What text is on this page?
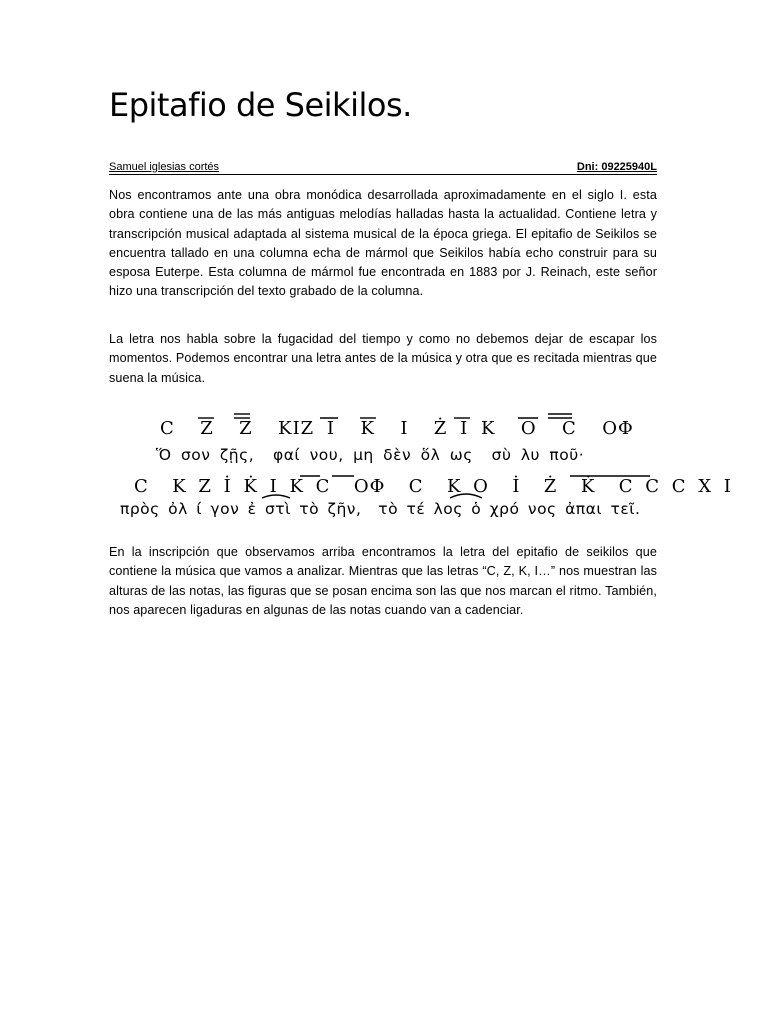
Epitafio de Seikilos.
Samuel iglesias cortés	Dni: 09225940L

Nos encontramos ante una obra monódica desarrollada aproximadamente en el siglo I. esta obra contiene una de las más antiguas melodías halladas hasta la actualidad. Contiene letra y transcripción musical adaptada al sistema musical de la época griega. El epitafio de Seikilos se encuentra tallado en una columna echa de mármol que Seikilos había echo construir para su esposa Euterpe. Esta columna de mármol fue encontrada en 1883 por J. Reinach, este señor hizo una transcripción del texto grabado de la columna.

La letra nos habla sobre la fugacidad del tiempo y como no debemos dejar de escapar los momentos. Podemos encontrar una letra antes de la música y otra que es recitada mientras que suena la música.

C  Z  Z  KIZ I  K  I  Ż I K  O  C  OΦ
Ὅ σον ζῇς,  φαί νου, μη δὲν ὅλ ως  σὺ λυ ποῦ·
C  K Z İ K̇ I K C  OΦ  C  K O  İ  Ż  K̇  C C C X I
πρὸς ὀλ ί γον ἐ στὶ τὸ ζῆν,  τὸ τέ λος ὁ χρό νος ἀπαι τεῖ.

En la inscripción que observamos arriba encontramos la letra del epitafio de seikilos que contiene la música que vamos a analizar. Mientras que las letras “C, Z, K, I…” nos muestran las alturas de las notas, las figuras que se posan encima son las que nos marcan el ritmo. También, nos aparecen ligaduras en algunas de las notas cuando van a cadenciar.
